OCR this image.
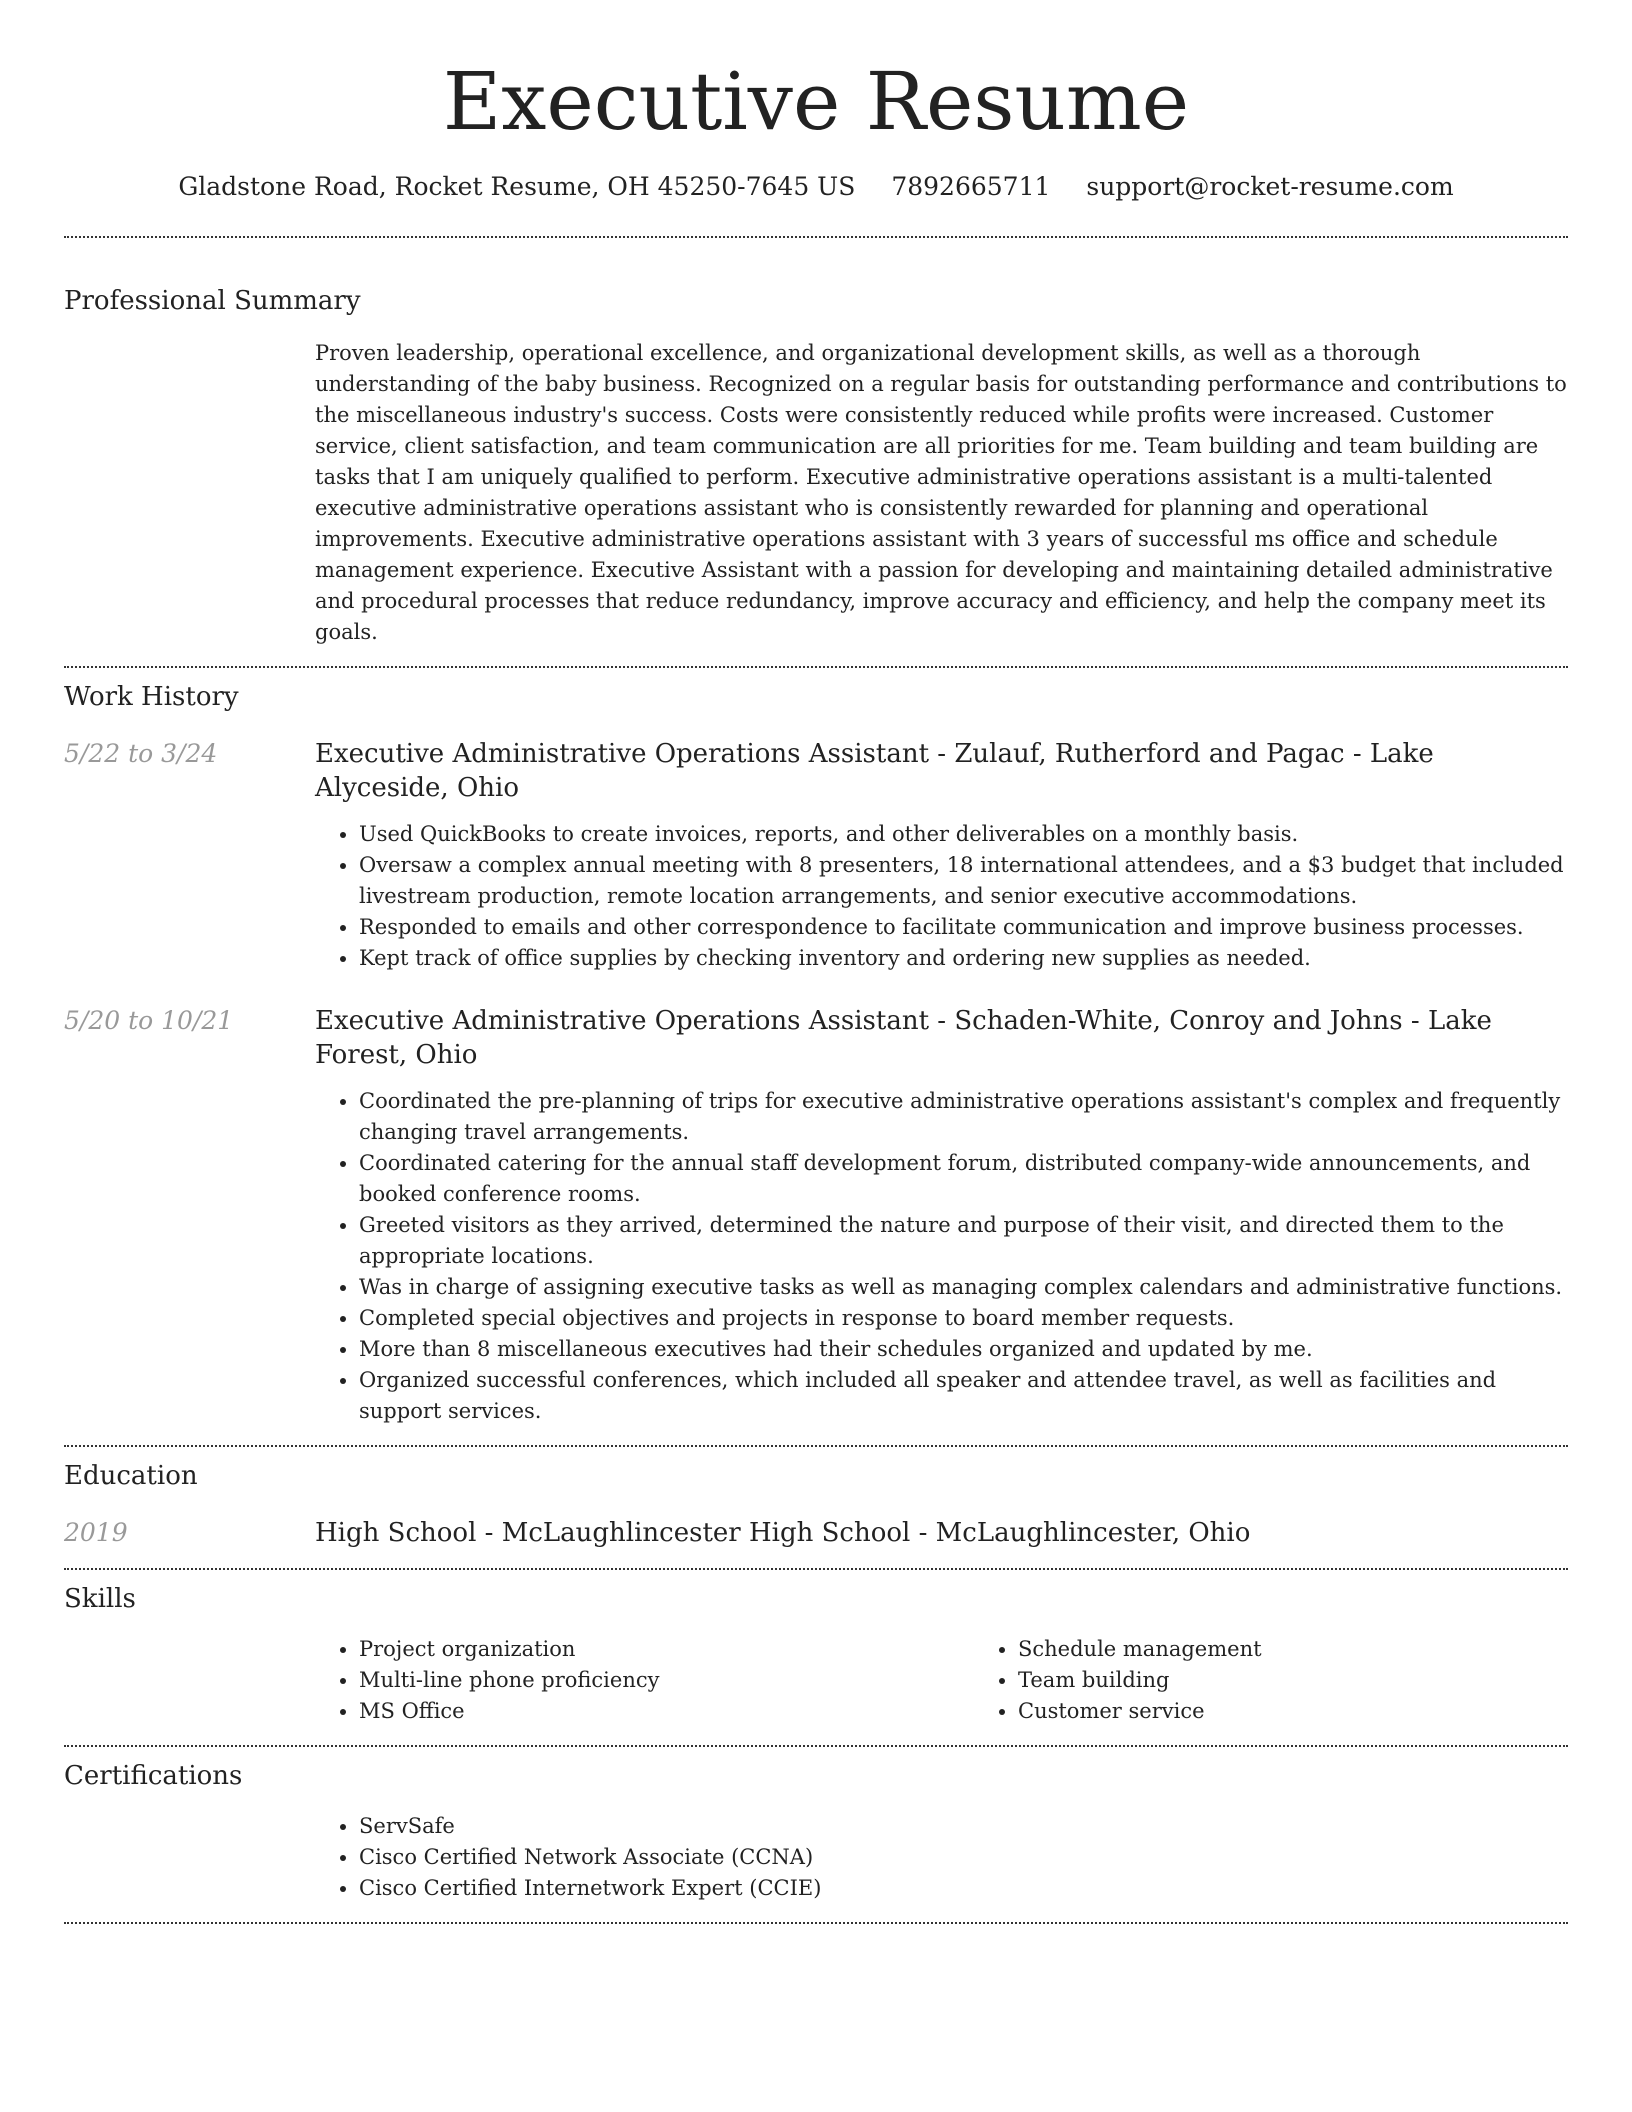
Executive Resume
Gladstone Road, Rocket Resume, OH 45250-7645 US 7892665711 support@rocket-resume.com
Professional Summary

Proven leadership, operational excellence, and organizational development skills, as well as a thorough understanding of the baby business. Recognized on a regular basis for outstanding performance and contributions to the miscellaneous industry's success. Costs were consistently reduced while profits were increased. Customer service, client satisfaction, and team communication are all priorities for me. Team building and team building are tasks that I am uniquely qualified to perform. Executive administrative operations assistant is a multi-talented executive administrative operations assistant who is consistently rewarded for planning and operational improvements. Executive administrative operations assistant with 3 years of successful ms office and schedule management experience. Executive Assistant with a passion for developing and maintaining detailed administrative and procedural processes that reduce redundancy, improve accuracy and efficiency, and help the company meet its goals.

Work History
5/22 to 3/24	Executive Administrative Operations Assistant - Zulauf, Rutherford and Pagac - Lake Alyceside, Ohio
• Used QuickBooks to create invoices, reports, and other deliverables on a monthly basis.
• Oversaw a complex annual meeting with 8 presenters, 18 international attendees, and a $3 budget that included livestream production, remote location arrangements, and senior executive accommodations.
• Responded to emails and other correspondence to facilitate communication and improve business processes.
• Kept track of office supplies by checking inventory and ordering new supplies as needed.
5/20 to 10/21	Executive Administrative Operations Assistant - Schaden-White, Conroy and Johns - Lake Forest, Ohio
• Coordinated the pre-planning of trips for executive administrative operations assistant's complex and frequently changing travel arrangements.
• Coordinated catering for the annual staff development forum, distributed company-wide announcements, and booked conference rooms.
• Greeted visitors as they arrived, determined the nature and purpose of their visit, and directed them to the appropriate locations.
• Was in charge of assigning executive tasks as well as managing complex calendars and administrative functions.
• Completed special objectives and projects in response to board member requests.
• More than 8 miscellaneous executives had their schedules organized and updated by me.
• Organized successful conferences, which included all speaker and attendee travel, as well as facilities and support services.
Education
2019	High School - McLaughlincester High School - McLaughlincester, Ohio
Skills
• Project organization
• Multi-line phone proficiency
• MS Office
• Schedule management
• Team building
• Customer service
Certifications
• ServSafe
• Cisco Certified Network Associate (CCNA)
• Cisco Certified Internetwork Expert (CCIE)
